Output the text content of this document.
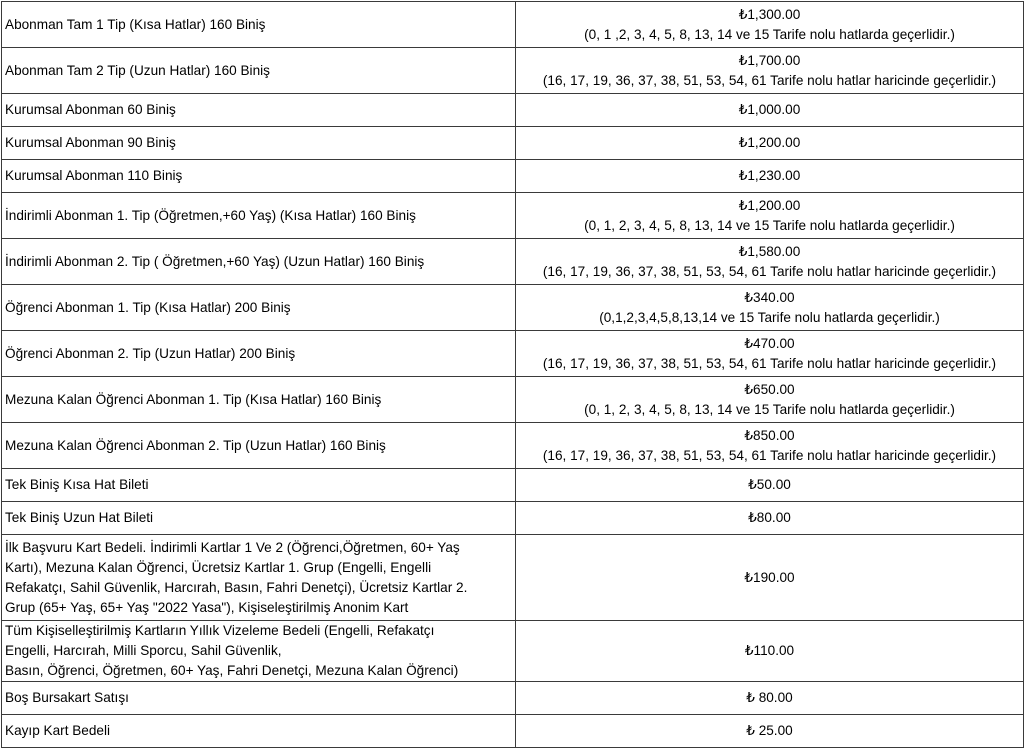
Abonman Tam 1 Tip (Kısa Hatlar) 160 Biniş	₺1,300.00
(0, 1 ,2, 3, 4, 5, 8, 13, 14 ve 15 Tarife nolu hatlarda geçerlidir.)

Abonman Tam 2 Tip (Uzun Hatlar) 160 Biniş	₺1,700.00
(16, 17, 19, 36, 37, 38, 51, 53, 54, 61 Tarife nolu hatlar haricinde geçerlidir.)

Kurumsal Abonman 60 Biniş	₺1,000.00

Kurumsal Abonman 90 Biniş	₺1,200.00

Kurumsal Abonman 110 Biniş	₺1,230.00

İndirimli Abonman 1. Tip (Öğretmen,+60 Yaş) (Kısa Hatlar) 160 Biniş	₺1,200.00
(0, 1, 2, 3, 4, 5, 8, 13, 14 ve 15 Tarife nolu hatlarda geçerlidir.)

İndirimli Abonman 2. Tip ( Öğretmen,+60 Yaş) (Uzun Hatlar) 160 Biniş	₺1,580.00
(16, 17, 19, 36, 37, 38, 51, 53, 54, 61 Tarife nolu hatlar haricinde geçerlidir.)

Öğrenci Abonman 1. Tip (Kısa Hatlar) 200 Biniş	₺340.00
(0,1,2,3,4,5,8,13,14 ve 15 Tarife nolu hatlarda geçerlidir.)

Öğrenci Abonman 2. Tip (Uzun Hatlar) 200 Biniş	₺470.00
(16, 17, 19, 36, 37, 38, 51, 53, 54, 61 Tarife nolu hatlar haricinde geçerlidir.)

Mezuna Kalan Öğrenci Abonman 1. Tip (Kısa Hatlar) 160 Biniş	₺650.00
(0, 1, 2, 3, 4, 5, 8, 13, 14 ve 15 Tarife nolu hatlarda geçerlidir.)

Mezuna Kalan Öğrenci Abonman 2. Tip (Uzun Hatlar) 160 Biniş	₺850.00
(16, 17, 19, 36, 37, 38, 51, 53, 54, 61 Tarife nolu hatlar haricinde geçerlidir.)

Tek Biniş Kısa Hat Bileti	₺50.00

Tek Biniş Uzun Hat Bileti	₺80.00

İlk Başvuru Kart Bedeli. İndirimli Kartlar 1 Ve 2 (Öğrenci,Öğretmen, 60+ Yaş
Kartı), Mezuna Kalan Öğrenci, Ücretsiz Kartlar 1. Grup (Engelli, Engelli
Refakatçı, Sahil Güvenlik, Harcırah, Basın, Fahri Denetçi), Ücretsiz Kartlar 2.
Grup (65+ Yaş, 65+ Yaş "2022 Yasa"), Kişiseleştirilmiş Anonim Kart	₺190.00

Tüm Kişiselleştirilmiş Kartların Yıllık Vizeleme Bedeli (Engelli, Refakatçı
Engelli, Harcırah, Milli Sporcu, Sahil Güvenlik,
Basın, Öğrenci, Öğretmen, 60+ Yaş, Fahri Denetçi, Mezuna Kalan Öğrenci)	₺110.00

Boş Bursakart Satışı	₺ 80.00

Kayıp Kart Bedeli	₺ 25.00
